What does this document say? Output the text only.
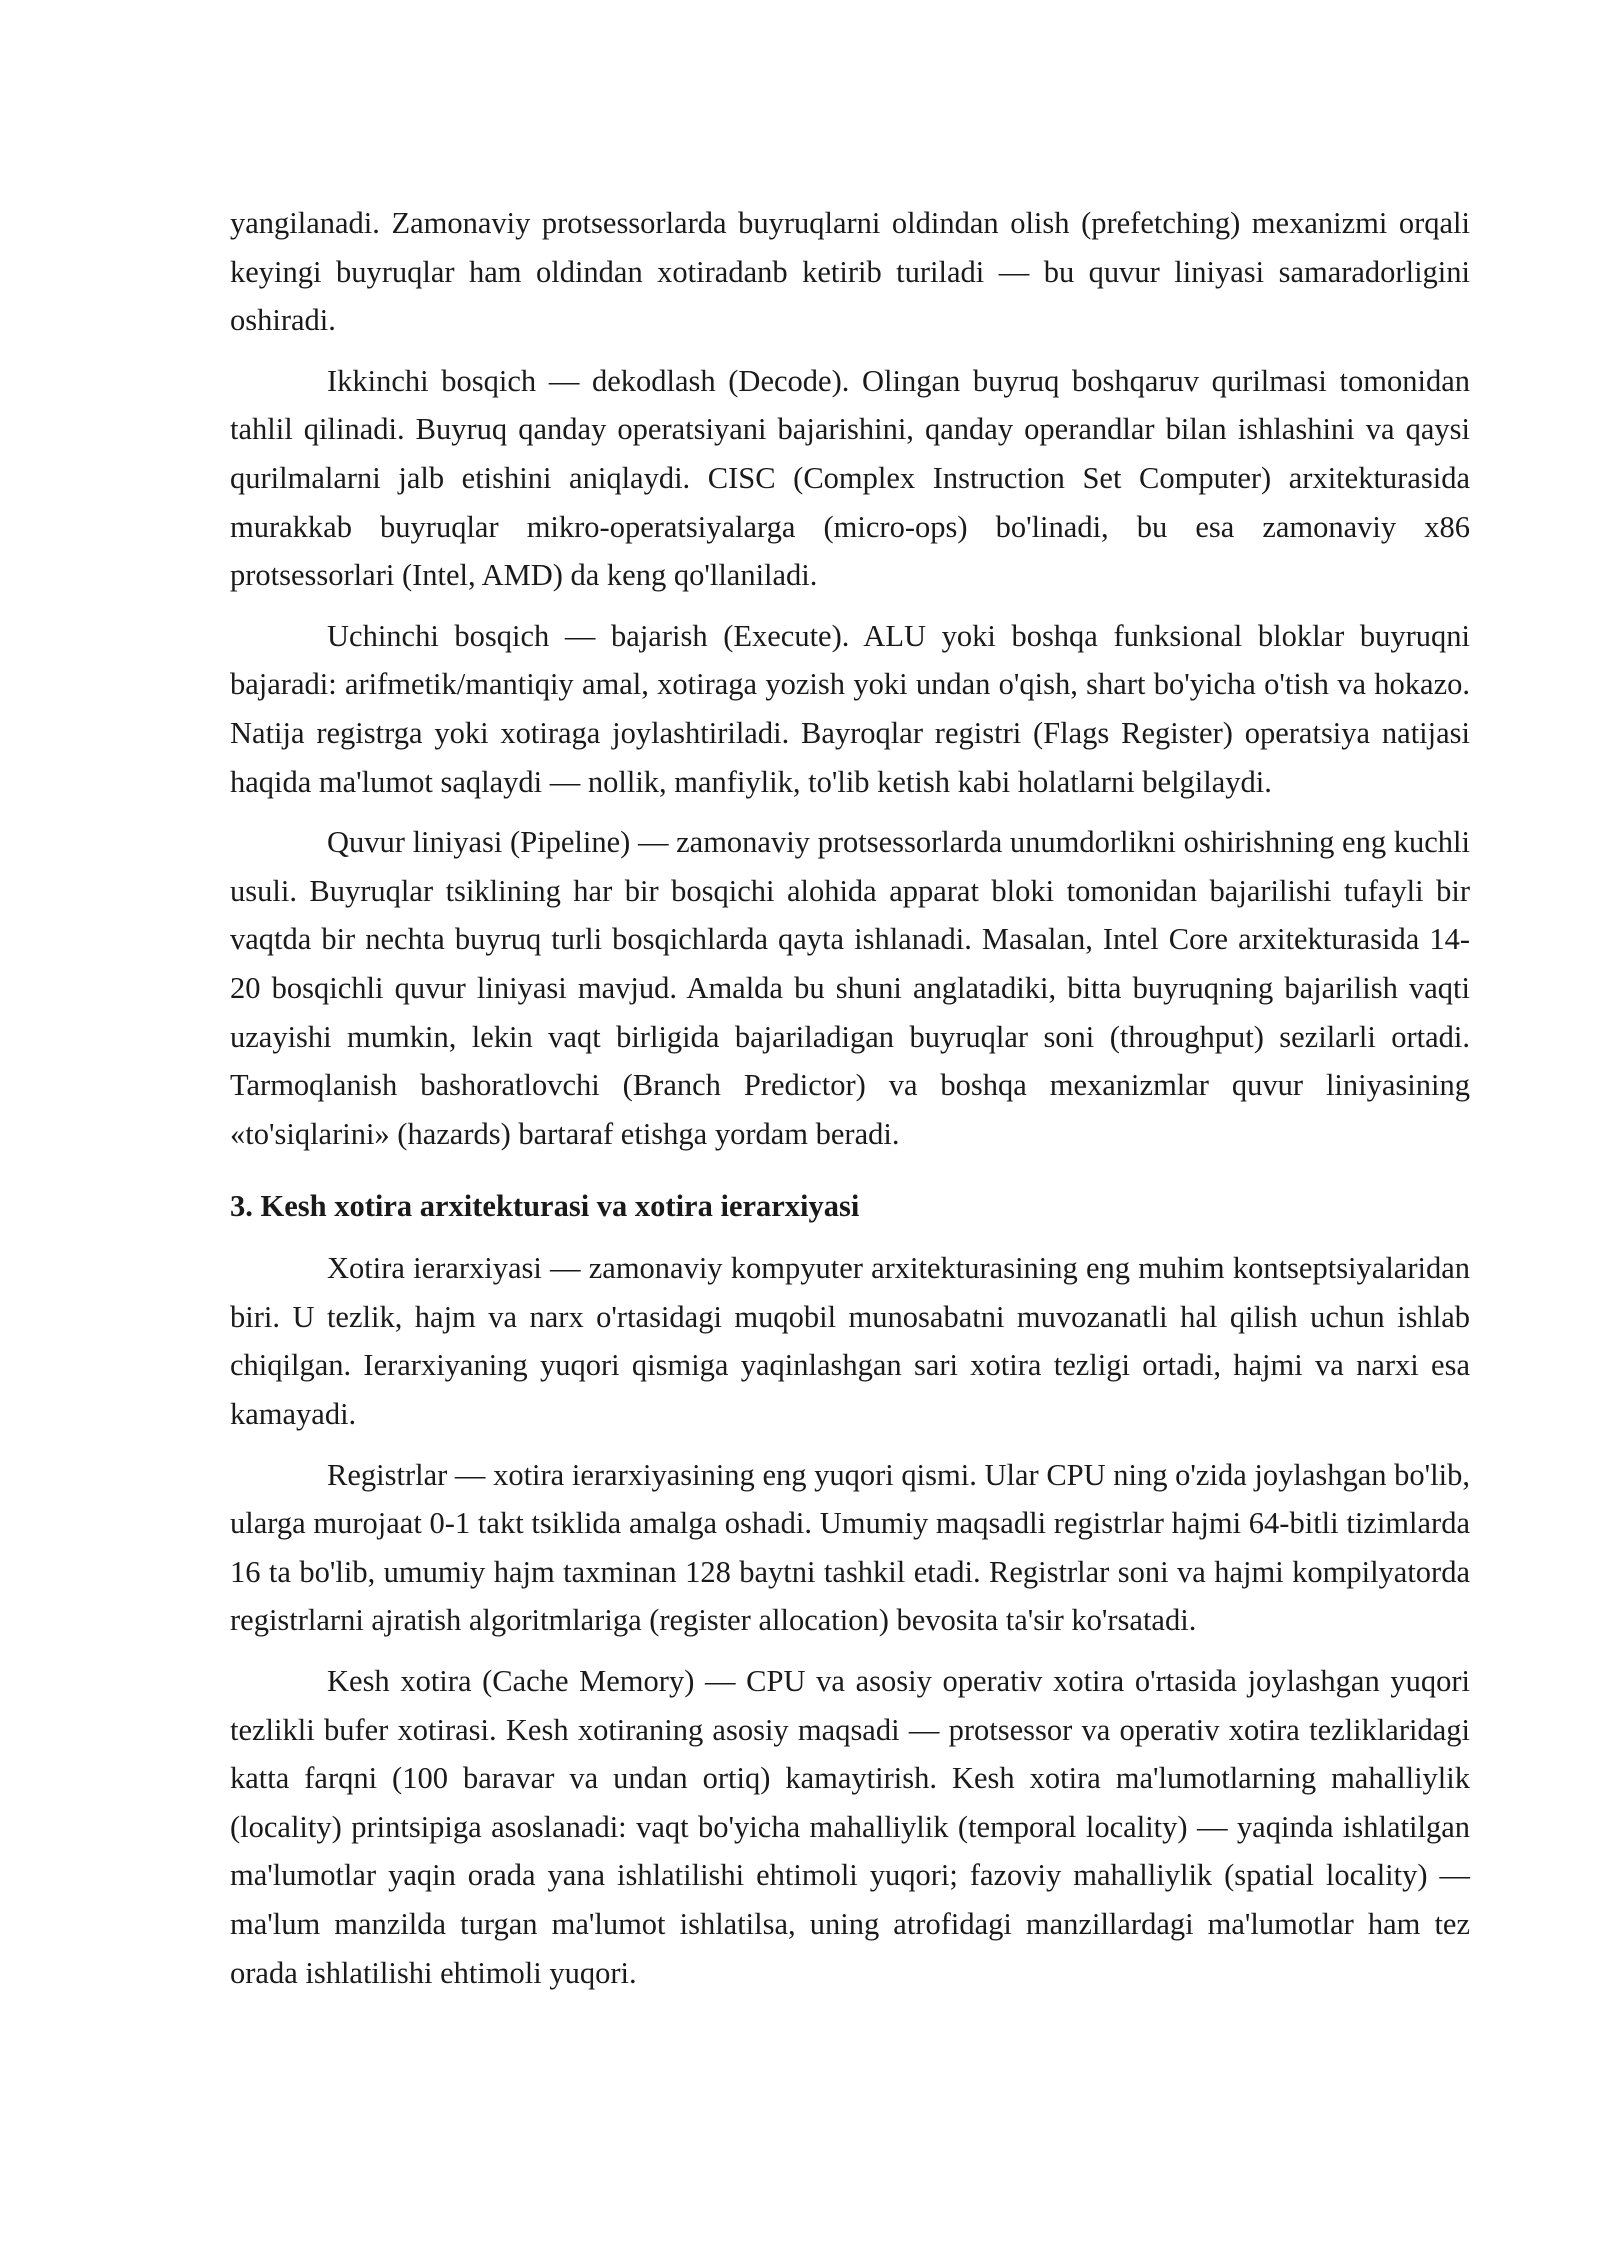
yangilanadi. Zamonaviy protsessorlarda buyruqlarni oldindan olish (prefetching) mexanizmi orqali keyingi buyruqlar ham oldindan xotiradanb ketirib turiladi — bu quvur liniyasi samaradorligini oshiradi.

Ikkinchi bosqich — dekodlash (Decode). Olingan buyruq boshqaruv qurilmasi tomonidan tahlil qilinadi. Buyruq qanday operatsiyani bajarishini, qanday operandlar bilan ishlashini va qaysi qurilmalarni jalb etishini aniqlaydi. CISC (Complex Instruction Set Computer) arxitekturasida murakkab buyruqlar mikro-operatsiyalarga (micro-ops) bo'linadi, bu esa zamonaviy x86 protsessorlari (Intel, AMD) da keng qo'llaniladi.

Uchinchi bosqich — bajarish (Execute). ALU yoki boshqa funksional bloklar buyruqni bajaradi: arifmetik/mantiqiy amal, xotiraga yozish yoki undan o'qish, shart bo'yicha o'tish va hokazo. Natija registrga yoki xotiraga joylashtiriladi. Bayroqlar registri (Flags Register) operatsiya natijasi haqida ma'lumot saqlaydi — nollik, manfiylik, to'lib ketish kabi holatlarni belgilaydi.

Quvur liniyasi (Pipeline) — zamonaviy protsessorlarda unumdorlikni oshirishning eng kuchli usuli. Buyruqlar tsiklining har bir bosqichi alohida apparat bloki tomonidan bajarilishi tufayli bir vaqtda bir nechta buyruq turli bosqichlarda qayta ishlanadi. Masalan, Intel Core arxitekturasida 14-20 bosqichli quvur liniyasi mavjud. Amalda bu shuni anglatadiki, bitta buyruqning bajarilish vaqti uzayishi mumkin, lekin vaqt birligida bajariladigan buyruqlar soni (throughput) sezilarli ortadi. Tarmoqlanish bashoratlovchi (Branch Predictor) va boshqa mexanizmlar quvur liniyasining «to'siqlarini» (hazards) bartaraf etishga yordam beradi.

3. Kesh xotira arxitekturasi va xotira ierarxiyasi

Xotira ierarxiyasi — zamonaviy kompyuter arxitekturasining eng muhim kontseptsiyalaridan biri. U tezlik, hajm va narx o'rtasidagi muqobil munosabatni muvozanatli hal qilish uchun ishlab chiqilgan. Ierarxiyaning yuqori qismiga yaqinlashgan sari xotira tezligi ortadi, hajmi va narxi esa kamayadi.

Registrlar — xotira ierarxiyasining eng yuqori qismi. Ular CPU ning o'zida joylashgan bo'lib, ularga murojaat 0-1 takt tsiklida amalga oshadi. Umumiy maqsadli registrlar hajmi 64-bitli tizimlarda 16 ta bo'lib, umumiy hajm taxminan 128 baytni tashkil etadi. Registrlar soni va hajmi kompilyatorda registrlarni ajratish algoritmlariga (register allocation) bevosita ta'sir ko'rsatadi.

Kesh xotira (Cache Memory) — CPU va asosiy operativ xotira o'rtasida joylashgan yuqori tezlikli bufer xotirasi. Kesh xotiraning asosiy maqsadi — protsessor va operativ xotira tezliklaridagi katta farqni (100 baravar va undan ortiq) kamaytirish. Kesh xotira ma'lumotlarning mahalliylik (locality) printsipiga asoslanadi: vaqt bo'yicha mahalliylik (temporal locality) — yaqinda ishlatilgan ma'lumotlar yaqin orada yana ishlatilishi ehtimoli yuqori; fazoviy mahalliylik (spatial locality) — ma'lum manzilda turgan ma'lumot ishlatilsa, uning atrofidagi manzillardagi ma'lumotlar ham tez orada ishlatilishi ehtimoli yuqori.
